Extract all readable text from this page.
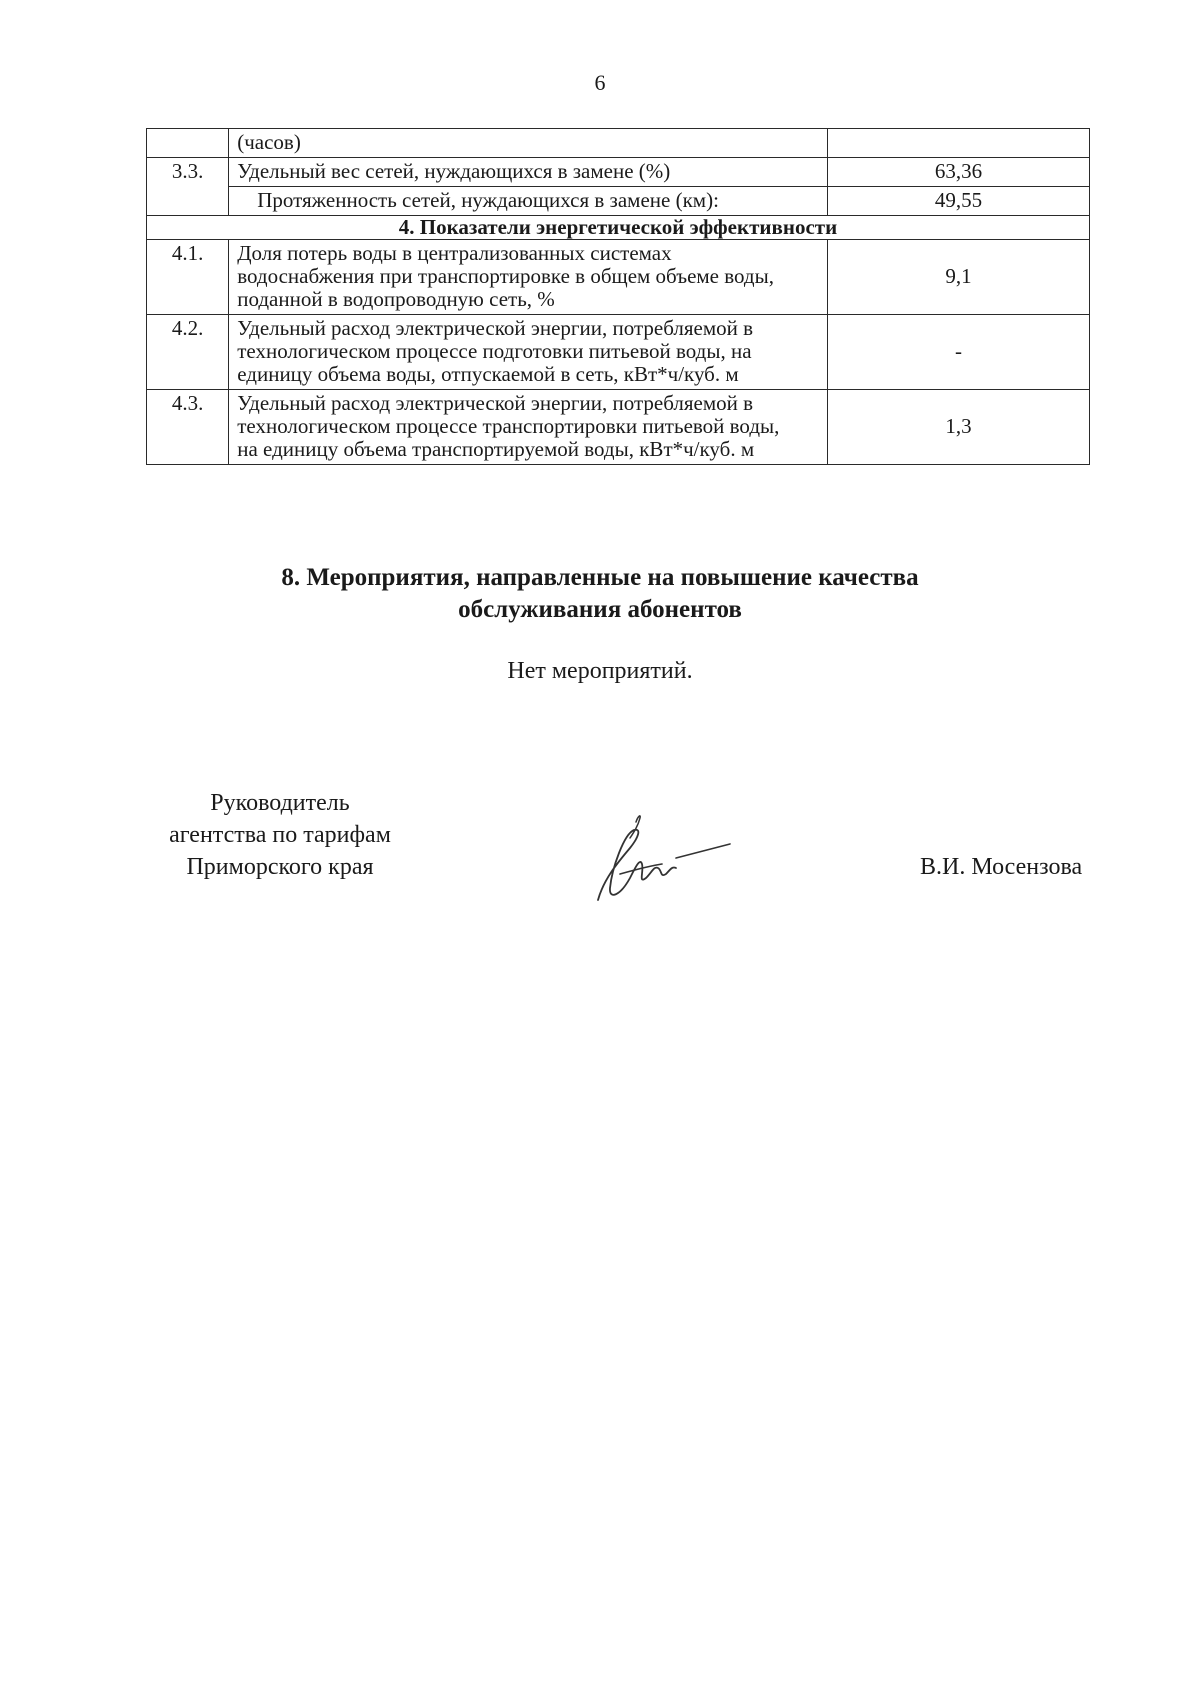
6
	(часов)	
3.3.	Удельный вес сетей, нуждающихся в замене (%)	63,36
	Протяженность сетей, нуждающихся в замене (км):	49,55
4. Показатели энергетической эффективности		
4.1.	Доля потерь воды в централизованных системах
водоснабжения при транспортировке в общем объеме воды,
поданной в водопроводную сеть, %	9,1
4.2.	Удельный расход электрической энергии, потребляемой в
технологическом процессе подготовки питьевой воды, на
единицу объема воды, отпускаемой в сеть, кВт*ч/куб. м	-
4.3.	Удельный расход электрической энергии, потребляемой в
технологическом процессе транспортировки питьевой воды,
на единицу объема транспортируемой воды, кВт*ч/куб. м	1,3
8. Мероприятия, направленные на повышение качества
обслуживания абонентов
Нет мероприятий.
Руководитель
агентства по тарифам
Приморского края	В.И. Мосензова
